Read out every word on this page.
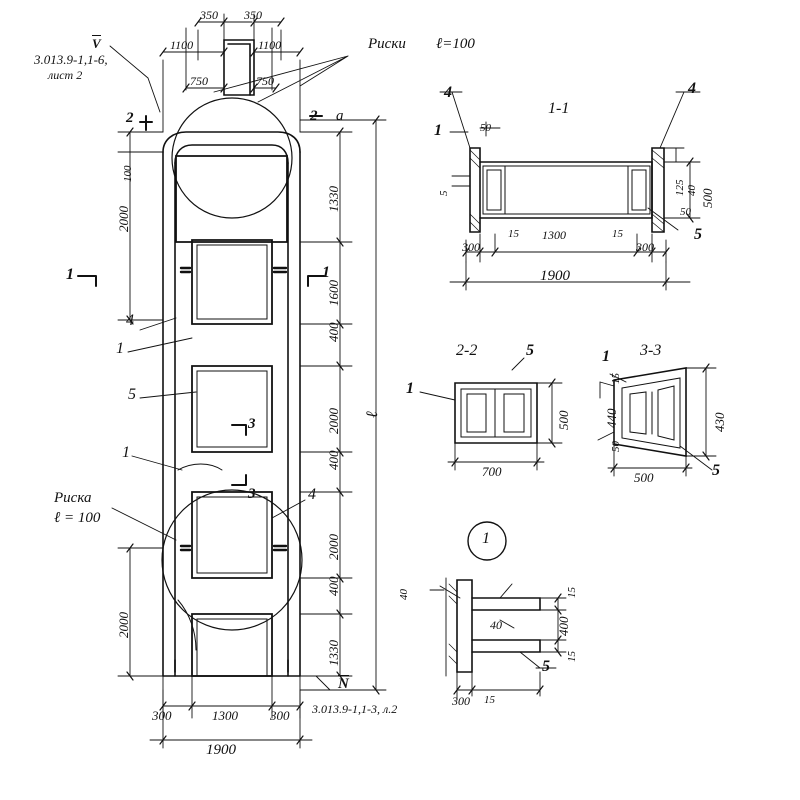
V
3.013.9-1,1-6,
лист 2
Риски ℓ=100
Риска
ℓ = 100
N
3.013.9-1,1-3, л.2
350 350
1100	1100
750	750
2	2 а
1	1
3
3
4
1
5
1
4
2000
2000
100
1330
1600
400
2000
400
2000
400
1330
ℓ
300	1300 300
1900
1-1
4	4
1
5
50
5	125 40 500
50
300
15 1300	15
300
1900
2-2	5
1
500
700
3-3
1
5
15
440
50
430
500
1
40
40
5
15
400
15
300 15
